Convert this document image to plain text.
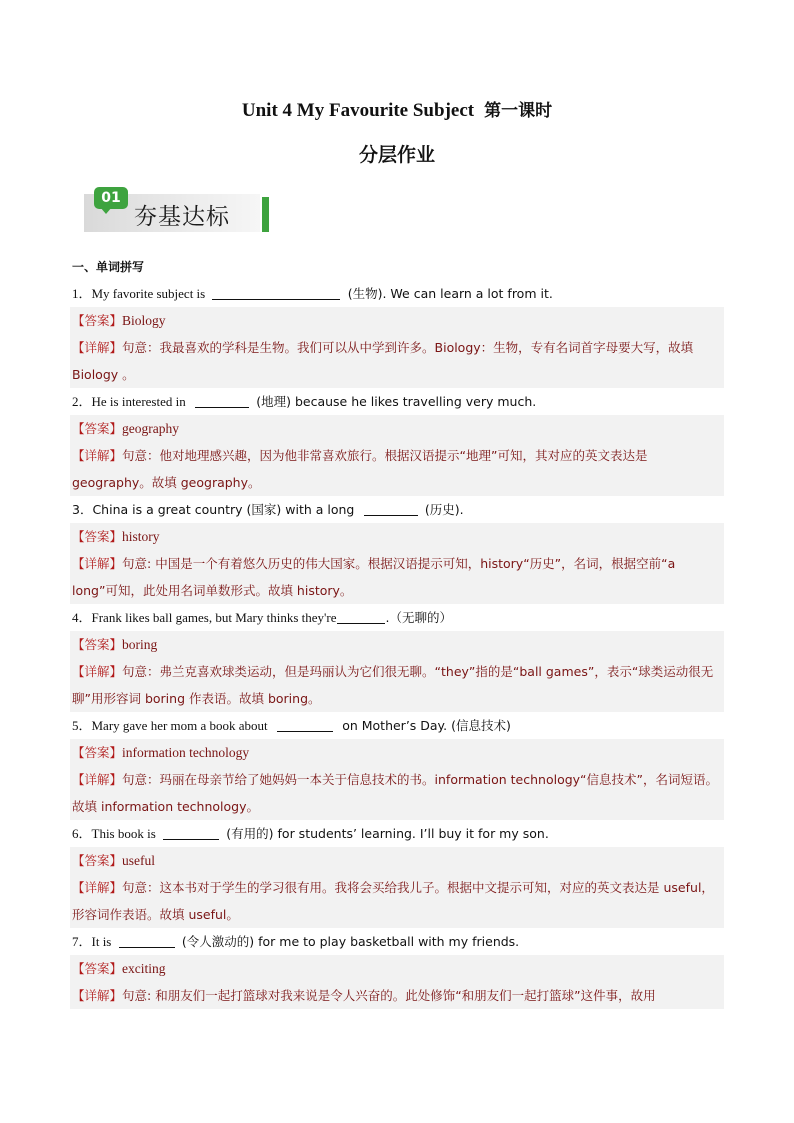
Unit 4 My Favourite Subject 第一课时
分层作业
01
夯基达标
一、单词拼写
1．My favorite subject is	(生物). We can learn a lot from it.
【答案】Biology
【详解】句意：我最喜欢的学科是生物。我们可以从中学到许多。Biology：生物，专有名词首字母要大写，故填 Biology 。
2．He is interested in	(地理) because he likes travelling very much.
【答案】geography
【详解】句意：他对地理感兴趣，因为他非常喜欢旅行。根据汉语提示“地理”可知，其对应的英文表达是 geography。故填 geography。
3．China is a great country (国家) with a long	(历史).
【答案】history
【详解】句意: 中国是一个有着悠久历史的伟大国家。根据汉语提示可知，history“历史”，名词，根据空前“a long”可知，此处用名词单数形式。故填 history。
4．Frank likes ball games, but Mary thinks they're	.（无聊的）
【答案】boring
【详解】句意：弗兰克喜欢球类运动，但是玛丽认为它们很无聊。“they”指的是“ball games”，表示“球类运动很无聊”用形容词 boring 作表语。故填 boring。
5．Mary gave her mom a book about	on Mother’s Day. (信息技术)
【答案】information technology
【详解】句意：玛丽在母亲节给了她妈妈一本关于信息技术的书。information technology“信息技术”，名词短语。故填 information technology。
6．This book is	(有用的) for students’ learning. I’ll buy it for my son.
【答案】useful
【详解】句意：这本书对于学生的学习很有用。我将会买给我儿子。根据中文提示可知，对应的英文表达是 useful，形容词作表语。故填 useful。
7．It is	(令人激动的) for me to play basketball with my friends.
【答案】exciting
【详解】句意: 和朋友们一起打篮球对我来说是令人兴奋的。此处修饰“和朋友们一起打篮球”这件事，故用
